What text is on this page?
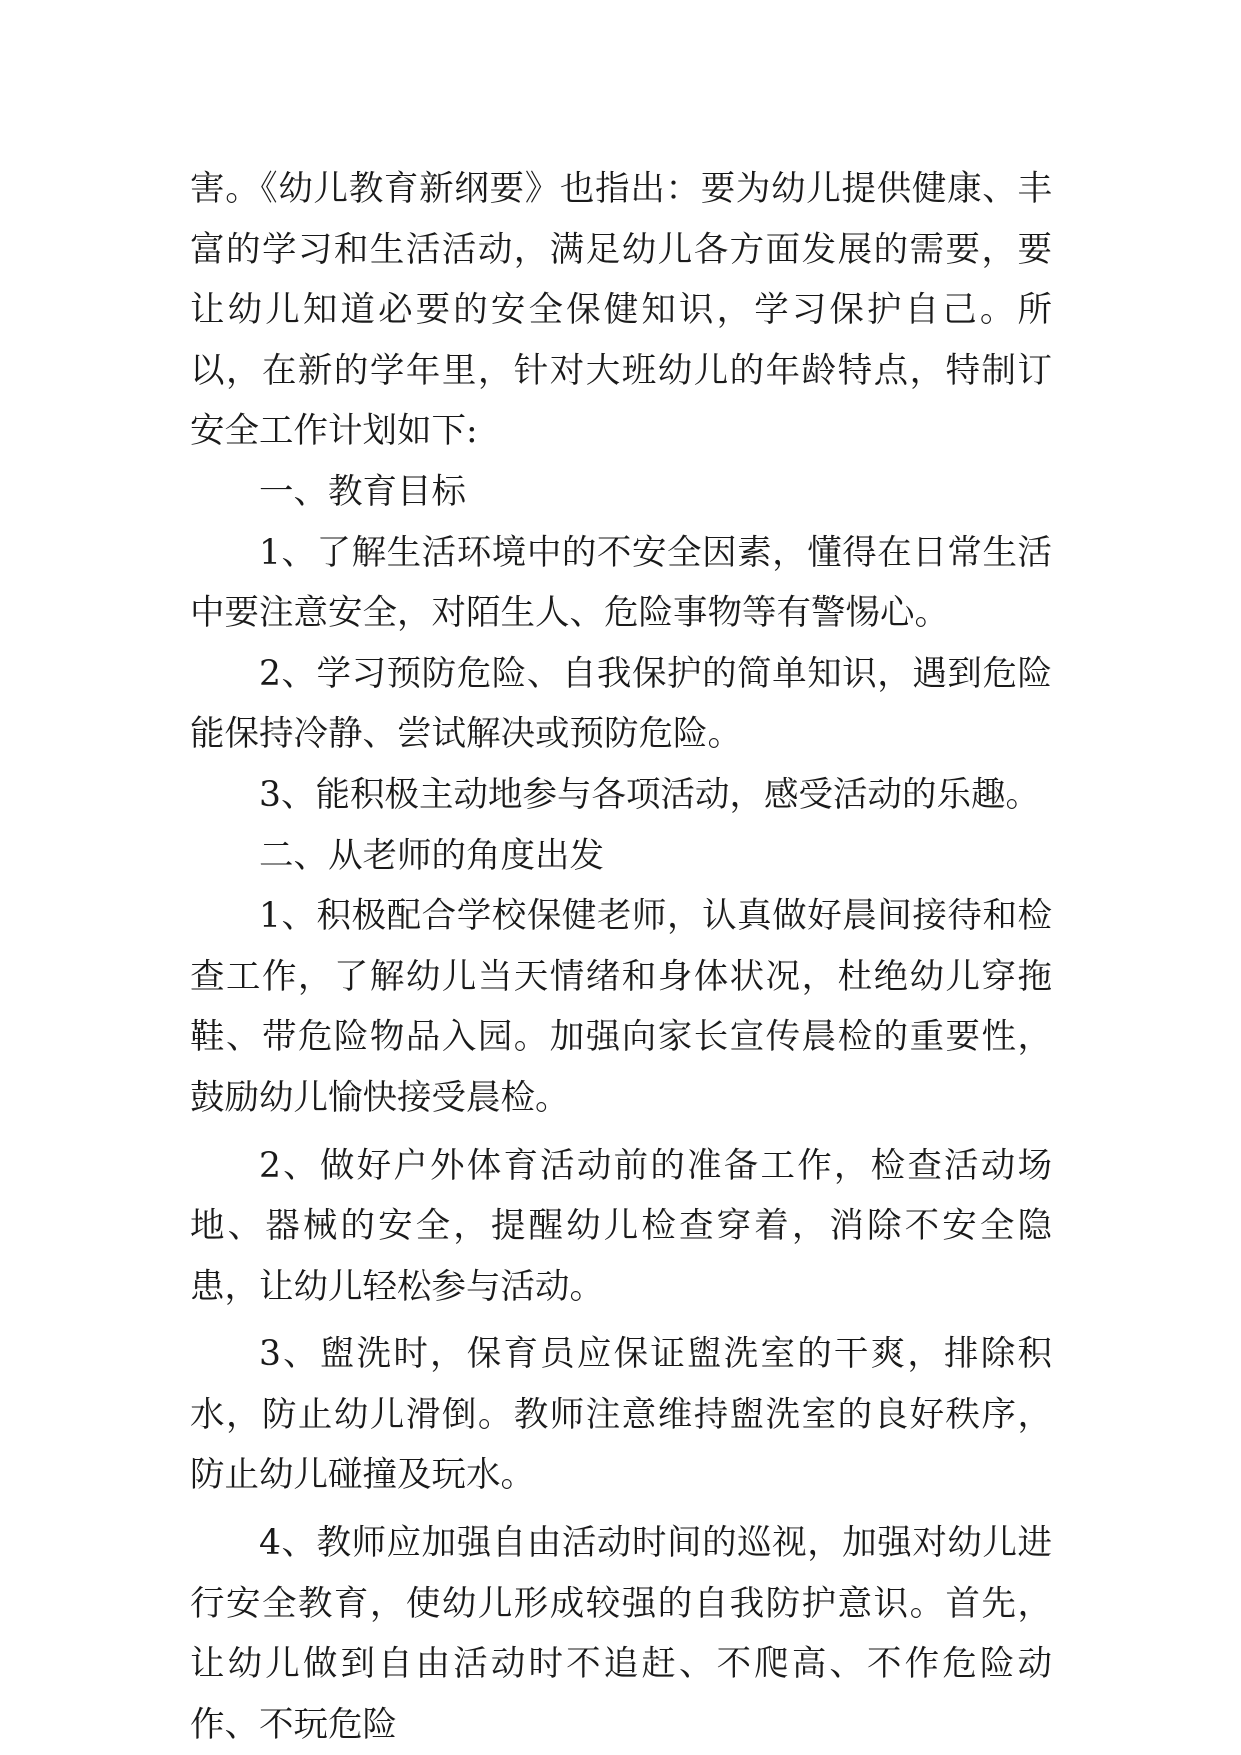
害。《幼儿教育新纲要》也指出：要为幼儿提供健康、丰富的学习和生活活动，满足幼儿各方面发展的需要，要让幼儿知道必要的安全保健知识，学习保护自己。所以，在新的学年里，针对大班幼儿的年龄特点，特制订安全工作计划如下:

一、教育目标

1、了解生活环境中的不安全因素，懂得在日常生活中要注意安全，对陌生人、危险事物等有警惕心。

2、学习预防危险、自我保护的简单知识，遇到危险能保持冷静、尝试解决或预防危险。

3、能积极主动地参与各项活动，感受活动的乐趣。

二、从老师的角度出发

1、积极配合学校保健老师，认真做好晨间接待和检查工作，了解幼儿当天情绪和身体状况，杜绝幼儿穿拖鞋、带危险物品入园。加强向家长宣传晨检的重要性，鼓励幼儿愉快接受晨检。

2、做好户外体育活动前的准备工作，检查活动场地、器械的安全，提醒幼儿检查穿着，消除不安全隐患，让幼儿轻松参与活动。

3、盥洗时，保育员应保证盥洗室的干爽，排除积水，防止幼儿滑倒。教师注意维持盥洗室的良好秩序，防止幼儿碰撞及玩水。

4、教师应加强自由活动时间的巡视，加强对幼儿进行安全教育，使幼儿形成较强的自我防护意识。首先，让幼儿做到自由活动时不追赶、不爬高、不作危险动作、不玩危险
